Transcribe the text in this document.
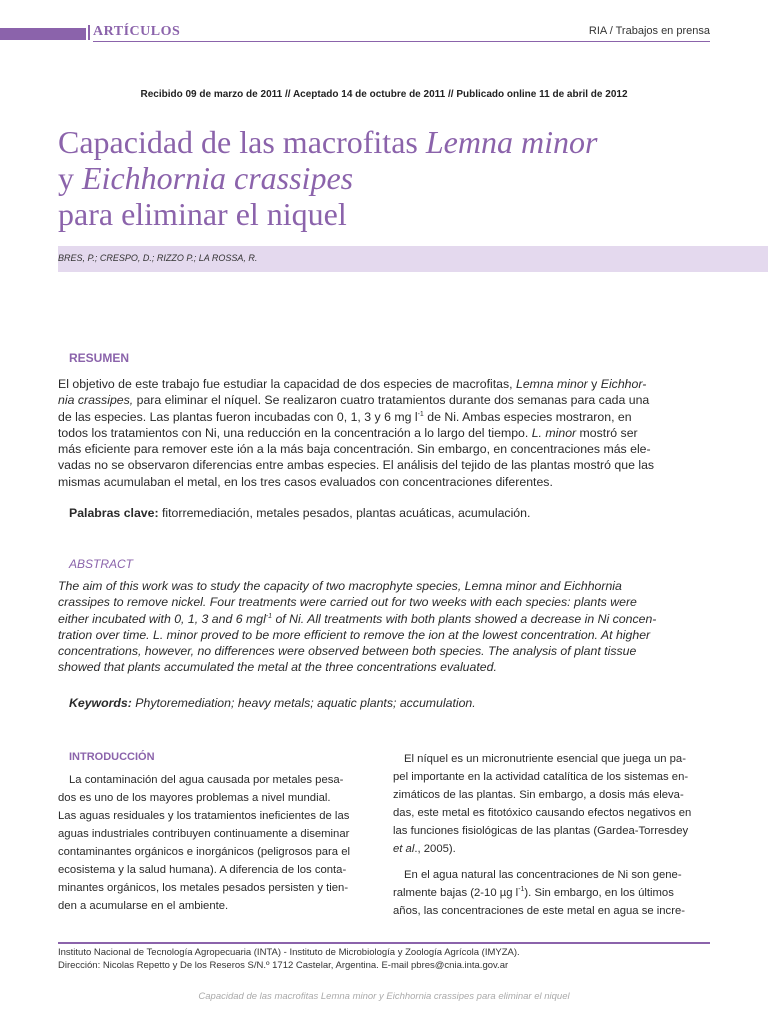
ARTÍCULOS	RIA / Trabajos en prensa
Recibido 09 de marzo de 2011 // Aceptado 14 de octubre de 2011 // Publicado online 11 de abril de 2012
Capacidad de las macrofitas Lemna minor
y Eichhornia crassipes
para eliminar el niquel
BRES, P.; CRESPO, D.; RIZZO P.; LA ROSSA, R.
RESUMEN
El objetivo de este trabajo fue estudiar la capacidad de dos especies de macrofitas, Lemna minor y Eichhor-
nia crassipes, para eliminar el níquel. Se realizaron cuatro tratamientos durante dos semanas para cada una
de las especies. Las plantas fueron incubadas con 0, 1, 3 y 6 mg $l^{-1}$ de Ni. Ambas especies mostraron, en
todos los tratamientos con Ni, una reducción en la concentración a lo largo del tiempo. L. minor mostró ser
más eficiente para remover este ión a la más baja concentración. Sin embargo, en concentraciones más ele-
vadas no se observaron diferencias entre ambas especies. El análisis del tejido de las plantas mostró que las
mismas acumulaban el metal, en los tres casos evaluados con concentraciones diferentes.
Palabras clave: fitorremediación, metales pesados, plantas acuáticas, acumulación.
ABSTRACT
The aim of this work was to study the capacity of two macrophyte species, Lemna minor and Eichhornia
crassipes to remove nickel. Four treatments were carried out for two weeks with each species: plants were
either incubated with 0, 1, 3 and 6 mgl$^{-1}$ of Ni. All treatments with both plants showed a decrease in Ni concen-
tration over time. L. minor proved to be more efficient to remove the ion at the lowest concentration. At higher
concentrations, however, no differences were observed between both species. The analysis of plant tissue
showed that plants accumulated the metal at the three concentrations evaluated.
Keywords: Phytoremediation; heavy metals; aquatic plants; accumulation.
INTRODUCCIÓN
La contaminación del agua causada por metales pesa-
dos es uno de los mayores problemas a nivel mundial.
Las aguas residuales y los tratamientos ineficientes de las
aguas industriales contribuyen continuamente a diseminar
contaminantes orgánicos e inorgánicos (peligrosos para el
ecosistema y la salud humana). A diferencia de los conta-
minantes orgánicos, los metales pesados persisten y tien-
den a acumularse en el ambiente.
El níquel es un micronutriente esencial que juega un pa-
pel importante en la actividad catalítica de los sistemas en-
zimáticos de las plantas. Sin embargo, a dosis más eleva-
das, este metal es fitotóxico causando efectos negativos en
las funciones fisiológicas de las plantas (Gardea-Torresdey
et al., 2005).
En el agua natural las concentraciones de Ni son gene-
ralmente bajas (2-10 µg $l^{-1}$). Sin embargo, en los últimos
años, las concentraciones de este metal en agua se incre-
Instituto Nacional de Tecnología Agropecuaria (INTA) - Instituto de Microbiología y Zoología Agrícola (IMYZA).
Dirección: Nicolas Repetto y De los Reseros S/N.º 1712 Castelar, Argentina. E-mail pbres@cnia.inta.gov.ar
Capacidad de las macrofitas Lemna minor y Eichhornia crassipes para eliminar el niquel
